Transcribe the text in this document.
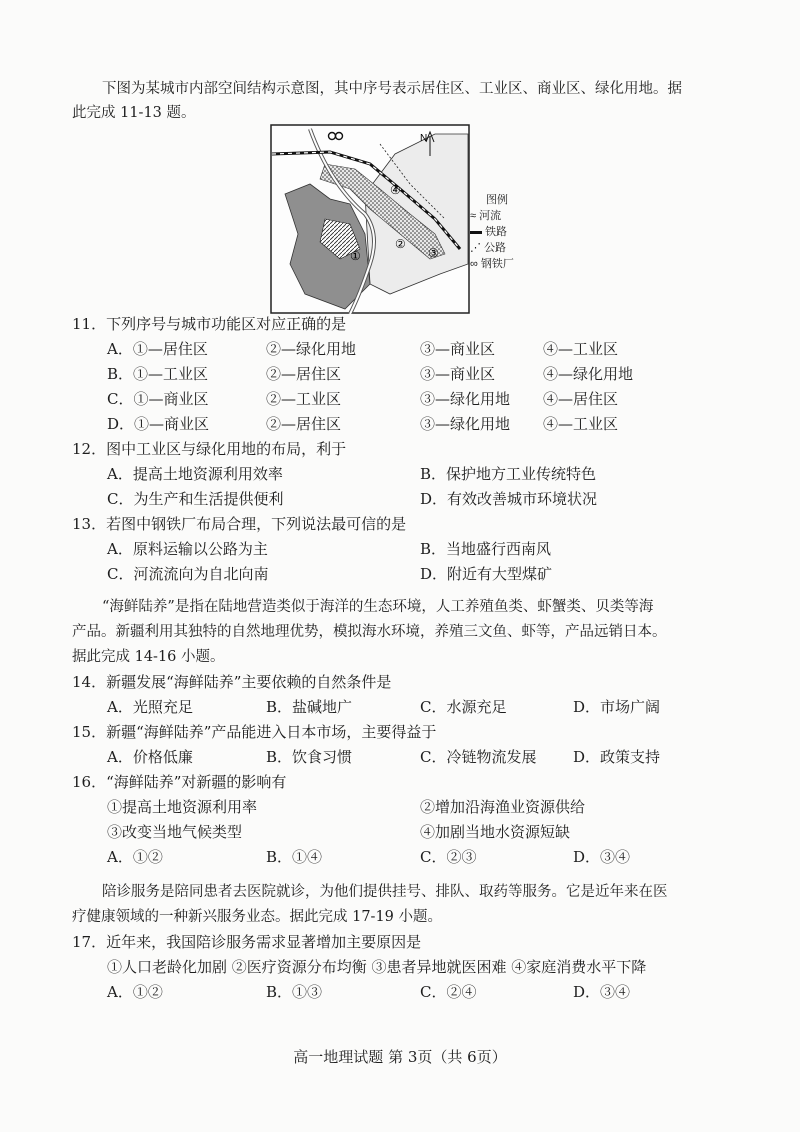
下图为某城市内部空间结构示意图，其中序号表示居住区、工业区、商业区、绿化用地。据
此完成 11-13 题。
N
④
②
③
①
图例
≈ 河流
铁路
⋰ 公路
∞ 钢铁厂
11．下列序号与城市功能区对应正确的是
A．①—居住区	②—绿化用地	③—商业区	④—工业区
B．①—工业区	②—居住区	③—商业区	④—绿化用地
C．①—商业区	②—工业区	③—绿化用地 ④—居住区
D．①—商业区	②—居住区	③—绿化用地 ④—工业区
12．图中工业区与绿化用地的布局，利于
A．提高土地资源利用效率	B．保护地方工业传统特色
C．为生产和生活提供便利	D．有效改善城市环境状况
13．若图中钢铁厂布局合理，下列说法最可信的是
A．原料运输以公路为主	B．当地盛行西南风
C．河流流向为自北向南	D．附近有大型煤矿
“海鲜陆养”是指在陆地营造类似于海洋的生态环境，人工养殖鱼类、虾蟹类、贝类等海
产品。新疆利用其独特的自然地理优势，模拟海水环境，养殖三文鱼、虾等，产品远销日本。
据此完成 14-16 小题。
14．新疆发展“海鲜陆养”主要依赖的自然条件是
A．光照充足	B．盐碱地广	C．水源充足	D．市场广阔
15．新疆“海鲜陆养”产品能进入日本市场，主要得益于
A．价格低廉	B．饮食习惯	C．冷链物流发展 D．政策支持
16．“海鲜陆养”对新疆的影响有
①提高土地资源利用率	②增加沿海渔业资源供给
③改变当地气候类型	④加剧当地水资源短缺
A．①②	B．①④	C．②③	D．③④
陪诊服务是陪同患者去医院就诊，为他们提供挂号、排队、取药等服务。它是近年来在医
疗健康领域的一种新兴服务业态。据此完成 17-19 小题。
17．近年来，我国陪诊服务需求显著增加主要原因是
①人口老龄化加剧 ②医疗资源分布均衡 ③患者异地就医困难 ④家庭消费水平下降
A．①②	B．①③	C．②④	D．③④
高一地理试题 第 3页（共 6页）
